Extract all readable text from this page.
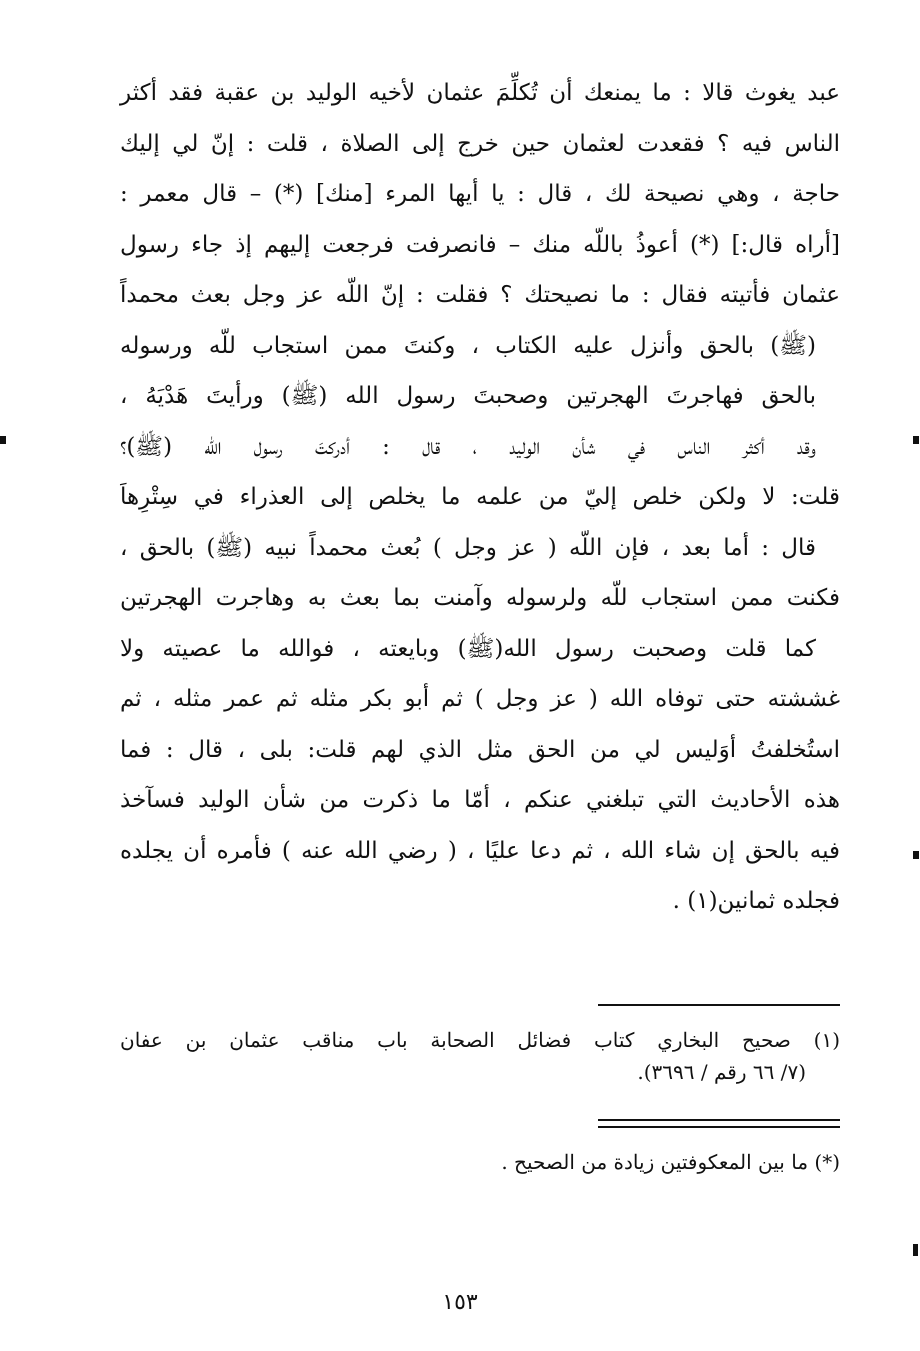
عبد يغوث قالا : ما يمنعك أن تُكلِّمَ عثمان لأخيه الوليد بن عقبة فقد أكثر
الناس فيه ؟ فقعدت لعثمان حين خرج إلى الصلاة ، قلت : إنّ لي إليك
حاجة ، وهي نصيحة لك ، قال : يا أيها المرء [منك] (*) – قال معمر :
[أراه قال:] (*) أعوذُ باللّه منك – فانصرفت فرجعت إليهم إذ جاء رسول
عثمان فأتيته فقال : ما نصيحتك ؟ فقلت : إنّ اللّه عز وجل بعث محمداً
(ﷺ) بالحق وأنزل عليه الكتاب ، وكنتَ ممن استجاب للّه ورسوله
بالحق فهاجرتَ الهجرتين وصحبتَ رسول الله (ﷺ) ورأيتَ هَدْيَهُ ،
وقد أكثر الناس في شأن الوليد ، قال : أدركتَ رسول اللّه (ﷺ)؟
قلت: لا ولكن خلص إليّ من علمه ما يخلص إلى العذراء في سِتْرِهاَ
قال : أما بعد ، فإن اللّه ( عز وجل ) بُعث محمداً نبيه (ﷺ) بالحق ،
فكنت ممن استجاب للّه ولرسوله وآمنت بما بعث به وهاجرت الهجرتين
كما قلت وصحبت رسول الله(ﷺ) وبايعته ، فوالله ما عصيته ولا
غششته حتى توفاه الله ( عز وجل ) ثم أبو بكر مثله ثم عمر مثله ، ثم
استُخلفتُ أوَليس لي من الحق مثل الذي لهم قلت: بلى ، قال : فما
هذه الأحاديث التي تبلغني عنكم ، أمّا ما ذكرت من شأن الوليد فسآخذ
فيه بالحق إن شاء الله ، ثم دعا عليًا ، ( رضي الله عنه ) فأمره أن يجلده
فجلده ثمانين(١) .
(١) صحيح البخاري كتاب فضائل الصحابة باب مناقب عثمان بن عفان
(٧/ ٦٦ رقم / ٣٦٩٦).
(*) ما بين المعكوفتين زيادة من الصحيح .
١٥٣
